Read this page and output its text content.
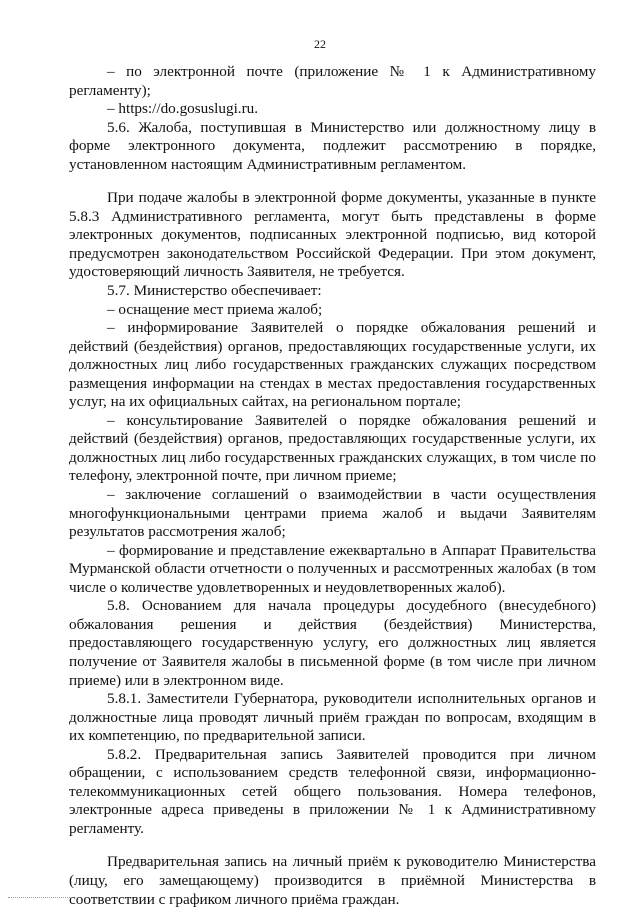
22

– по электронной почте (приложение № 1 к Административному регламенту);

– https://do.gosuslugi.ru.

5.6. Жалоба, поступившая в Министерство или должностному лицу в форме электронного документа, подлежит рассмотрению в порядке, установленном настоящим Административным регламентом.

При подаче жалобы в электронной форме документы, указанные в пункте 5.8.3 Административного регламента, могут быть представлены в форме электронных документов, подписанных электронной подписью, вид которой предусмотрен законодательством Российской Федерации. При этом документ, удостоверяющий личность Заявителя, не требуется.

5.7. Министерство обеспечивает:

– оснащение мест приема жалоб;

– информирование Заявителей о порядке обжалования решений и действий (бездействия) органов, предоставляющих государственные услуги, их должностных лиц либо государственных гражданских служащих посредством размещения информации на стендах в местах предоставления государственных услуг, на их официальных сайтах, на региональном портале;

– консультирование Заявителей о порядке обжалования решений и действий (бездействия) органов, предоставляющих государственные услуги, их должностных лиц либо государственных гражданских служащих, в том числе по телефону, электронной почте, при личном приеме;

– заключение соглашений о взаимодействии в части осуществления многофункциональными центрами приема жалоб и выдачи Заявителям результатов рассмотрения жалоб;

– формирование и представление ежеквартально в Аппарат Правительства Мурманской области отчетности о полученных и рассмотренных жалобах (в том числе о количестве удовлетворенных и неудовлетворенных жалоб).

5.8. Основанием для начала процедуры досудебного (внесудебного) обжалования решения и действия (бездействия) Министерства, предоставляющего государственную услугу, его должностных лиц является получение от Заявителя жалобы в письменной форме (в том числе при личном приеме) или в электронном виде.

5.8.1. Заместители Губернатора, руководители исполнительных органов и должностные лица проводят личный приём граждан по вопросам, входящим в их компетенцию, по предварительной записи.

5.8.2. Предварительная запись Заявителей проводится при личном обращении, с использованием средств телефонной связи, информационно-телекоммуникационных сетей общего пользования. Номера телефонов, электронные адреса приведены в приложении № 1 к Административному регламенту.

Предварительная запись на личный приём к руководителю Министерства (лицу, его замещающему) производится в приёмной Министерства в соответствии с графиком личного приёма граждан.
